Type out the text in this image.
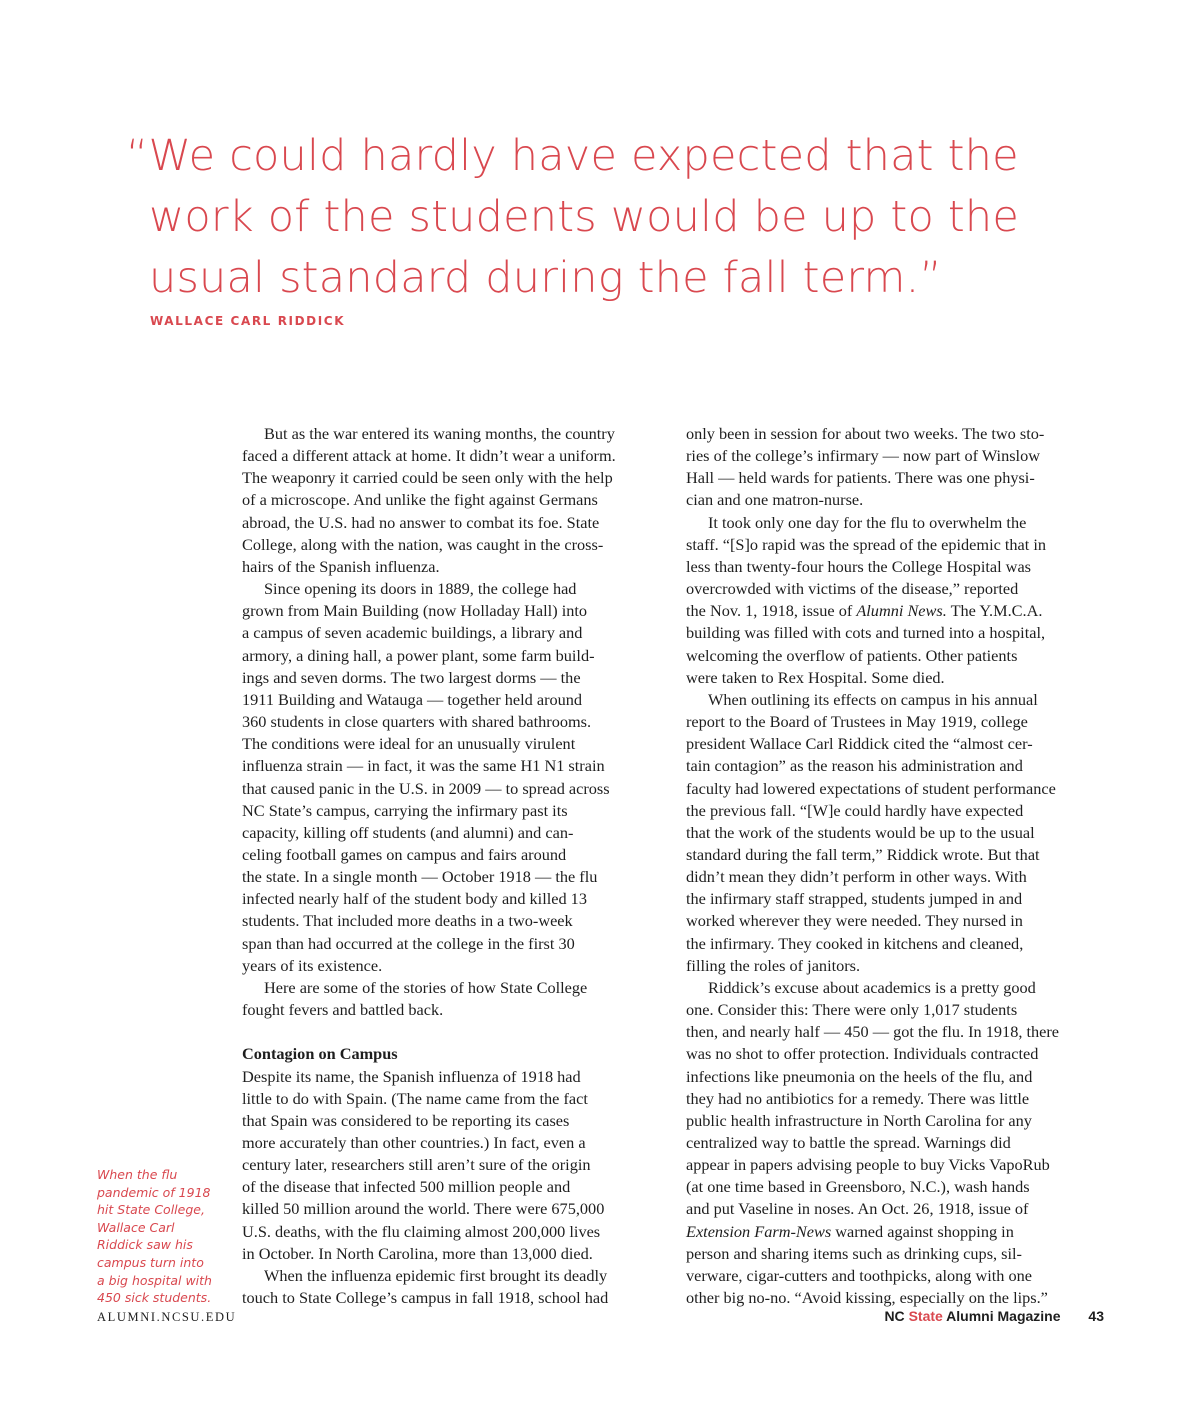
“We could hardly have expected that the
work of the students would be up to the
usual standard during the fall term.”
WALLACE CARL RIDDICK

But as the war entered its waning months, the country

faced a different attack at home. It didn’t wear a uniform.

The weaponry it carried could be seen only with the help

of a microscope. And unlike the fight against Germans

abroad, the U.S. had no answer to combat its foe. State

College, along with the nation, was caught in the cross-

hairs of the Spanish influenza.

Since opening its doors in 1889, the college had

grown from Main Building (now Holladay Hall) into

a campus of seven academic buildings, a library and

armory, a dining hall, a power plant, some farm build-

ings and seven dorms. The two largest dorms — the

1911 Building and Watauga — together held around

360 students in close quarters with shared bathrooms.

The conditions were ideal for an unusually virulent

influenza strain — in fact, it was the same H1 N1 strain

that caused panic in the U.S. in 2009 — to spread across

NC State’s campus, carrying the infirmary past its

capacity, killing off students (and alumni) and can-

celing football games on campus and fairs around

the state. In a single month — October 1918 — the flu

infected nearly half of the student body and killed 13

students. That included more deaths in a two-week

span than had occurred at the college in the first 30

years of its existence.

Here are some of the stories of how State College

fought fevers and battled back.

Contagion on Campus

Despite its name, the Spanish influenza of 1918 had

little to do with Spain. (The name came from the fact

that Spain was considered to be reporting its cases

more accurately than other countries.) In fact, even a

century later, researchers still aren’t sure of the origin

of the disease that infected 500 million people and

killed 50 million around the world. There were 675,000

U.S. deaths, with the flu claiming almost 200,000 lives

in October. In North Carolina, more than 13,000 died.

When the influenza epidemic first brought its deadly

touch to State College’s campus in fall 1918, school had

only been in session for about two weeks. The two sto-

ries of the college’s infirmary — now part of Winslow

Hall — held wards for patients. There was one physi-

cian and one matron-nurse.

It took only one day for the flu to overwhelm the

staff. “[S]o rapid was the spread of the epidemic that in

less than twenty-four hours the College Hospital was

overcrowded with victims of the disease,” reported

the Nov. 1, 1918, issue of Alumni News. The Y.M.C.A.

building was filled with cots and turned into a hospital,

welcoming the overflow of patients. Other patients

were taken to Rex Hospital. Some died.

When outlining its effects on campus in his annual

report to the Board of Trustees in May 1919, college

president Wallace Carl Riddick cited the “almost cer-

tain contagion” as the reason his administration and

faculty had lowered expectations of student performance

the previous fall. “[W]e could hardly have expected

that the work of the students would be up to the usual

standard during the fall term,” Riddick wrote. But that

didn’t mean they didn’t perform in other ways. With

the infirmary staff strapped, students jumped in and

worked wherever they were needed. They nursed in

the infirmary. They cooked in kitchens and cleaned,

filling the roles of janitors.

Riddick’s excuse about academics is a pretty good

one. Consider this: There were only 1,017 students

then, and nearly half — 450 — got the flu. In 1918, there

was no shot to offer protection. Individuals contracted

infections like pneumonia on the heels of the flu, and

they had no antibiotics for a remedy. There was little

public health infrastructure in North Carolina for any

centralized way to battle the spread. Warnings did

appear in papers advising people to buy Vicks VapoRub

(at one time based in Greensboro, N.C.), wash hands

and put Vaseline in noses. An Oct. 26, 1918, issue of

Extension Farm-News warned against shopping in

person and sharing items such as drinking cups, sil-

verware, cigar-cutters and toothpicks, along with one

other big no-no. “Avoid kissing, especially on the lips.”

When the flu
pandemic of 1918
hit State College,
Wallace Carl
Riddick saw his
campus turn into
a big hospital with
450 sick students.
ALUMNI.NCSU.EDU	NC State Alumni Magazine 43
